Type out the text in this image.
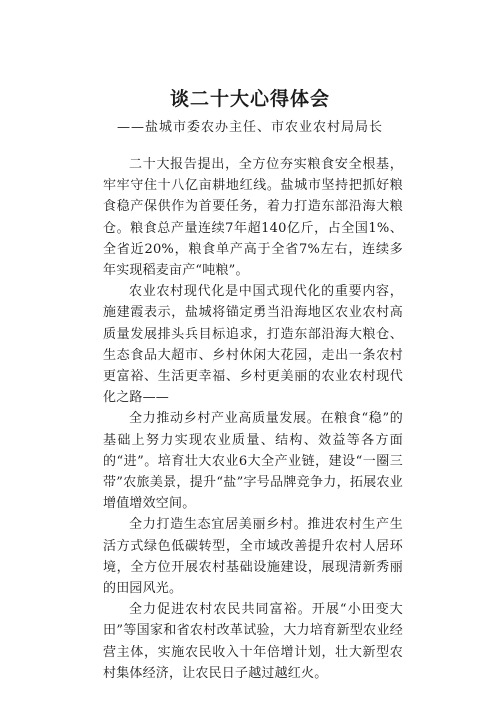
谈二十大心得体会
——盐城市委农办主任、市农业农村局局长

二十大报告提出，全方位夯实粮食安全根基，牢牢守住十八亿亩耕地红线。盐城市坚持把抓好粮食稳产保供作为首要任务，着力打造东部沿海大粮仓。粮食总产量连续7年超140亿斤，占全国1%、全省近20%，粮食单产高于全省7%左右，连续多年实现稻麦亩产“吨粮”。

农业农村现代化是中国式现代化的重要内容，施建霞表示，盐城将锚定勇当沿海地区农业农村高质量发展排头兵目标追求，打造东部沿海大粮仓、生态食品大超市、乡村休闲大花园，走出一条农村更富裕、生活更幸福、乡村更美丽的农业农村现代化之路——

全力推动乡村产业高质量发展。在粮食“稳”的基础上努力实现农业质量、结构、效益等各方面的“进”。培育壮大农业6大全产业链，建设“一圈三带”农旅美景，提升“盐”字号品牌竞争力，拓展农业增值增效空间。

全力打造生态宜居美丽乡村。推进农村生产生活方式绿色低碳转型，全市域改善提升农村人居环境，全方位开展农村基础设施建设，展现清新秀丽的田园风光。

全力促进农村农民共同富裕。开展“小田变大田”等国家和省农村改革试验，大力培育新型农业经营主体，实施农民收入十年倍增计划，壮大新型农村集体经济，让农民日子越过越红火。
